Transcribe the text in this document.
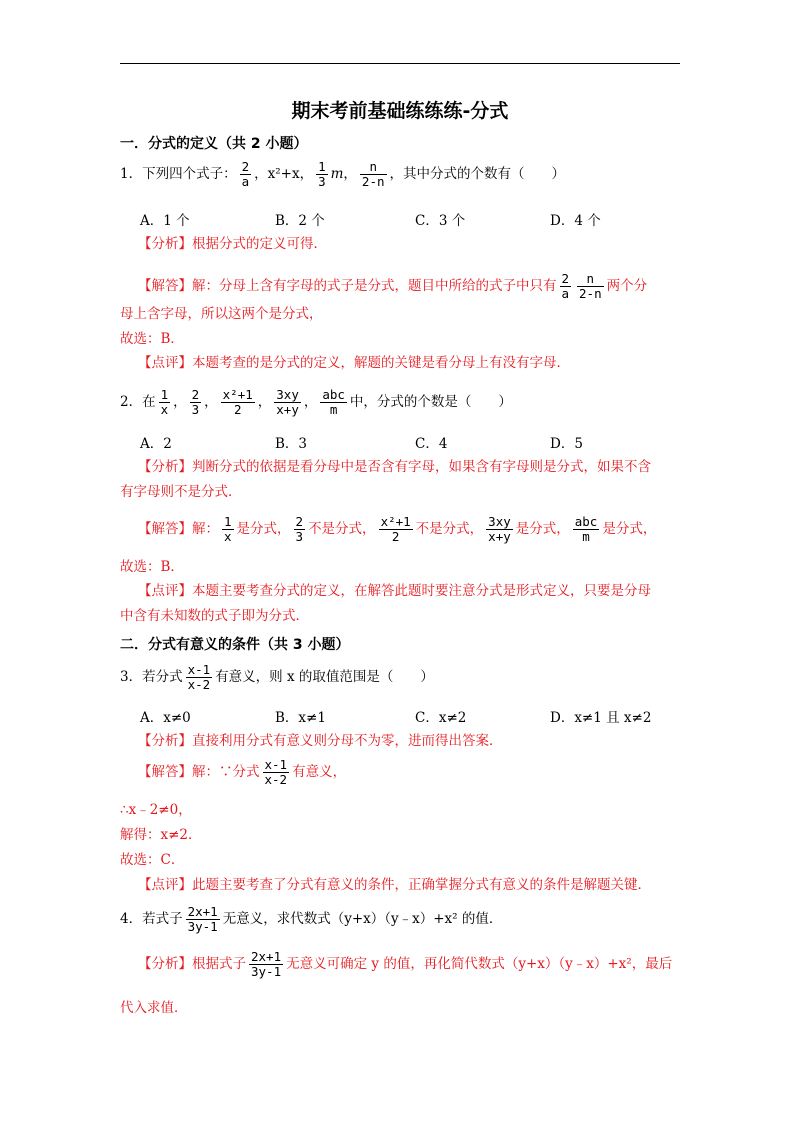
期末考前基础练练练-分式
一．分式的定义（共 2 小题）
1．下列四个式子： $\frac{2}{a}$ ，x²+x， $\frac{1}{3}$ m， $\frac{n}{2-n}$ ，其中分式的个数有（　　）
A．1 个	B．2 个	C．3 个	D．4 个
【分析】根据分式的定义可得．
【解答】解：分母上含有字母的式子是分式，题目中所给的式子中只有 $\frac{2}{a} \frac{n}{2-n}$ 两个分
母上含字母，所以这两个是分式，
故选：B．
【点评】本题考查的是分式的定义，解题的关键是看分母上有没有字母．
2．在 $\frac{1}{x}$ ， $\frac{2}{3}$ ， $\frac{\text{x²+1}}{2}$ ， $\frac{3xy}{x+y}$ ， $\frac{\text{abc}}{m}$ 中，分式的个数是（　　）
A．2	B．3	C．4	D．5
【分析】判断分式的依据是看分母中是否含有字母，如果含有字母则是分式，如果不含
有字母则不是分式．
【解答】解： $\frac{1}{x}$ 是分式， $\frac{2}{3}$ 不是分式， $\frac{\text{x²+1}}{2}$ 不是分式， $\frac{3xy}{x+y}$ 是分式， $\frac{\text{abc}}{m}$ 是分式，
故选：B．
【点评】本题主要考查分式的定义，在解答此题时要注意分式是形式定义，只要是分母
中含有未知数的式子即为分式．
二．分式有意义的条件（共 3 小题）
3．若分式 $\frac{x-1}{x-2}$ 有意义，则 x 的取值范围是（　　）
A．x≠0	B．x≠1	C．x≠2	D．x≠1 且 x≠2
【分析】直接利用分式有意义则分母不为零，进而得出答案．
【解答】解：∵分式 $\frac{x-1}{x-2}$ 有意义，
∴x﹣2≠0，
解得：x≠2．
故选：C．
【点评】此题主要考查了分式有意义的条件，正确掌握分式有意义的条件是解题关键．
4．若式子 $\frac{2x+1}{3y-1}$ 无意义，求代数式（y+x）（y﹣x）+x² 的值．
【分析】根据式子 $\frac{2x+1}{3y-1}$ 无意义可确定 y 的值，再化简代数式（y+x）（y﹣x）+x²，最后
代入求值．
